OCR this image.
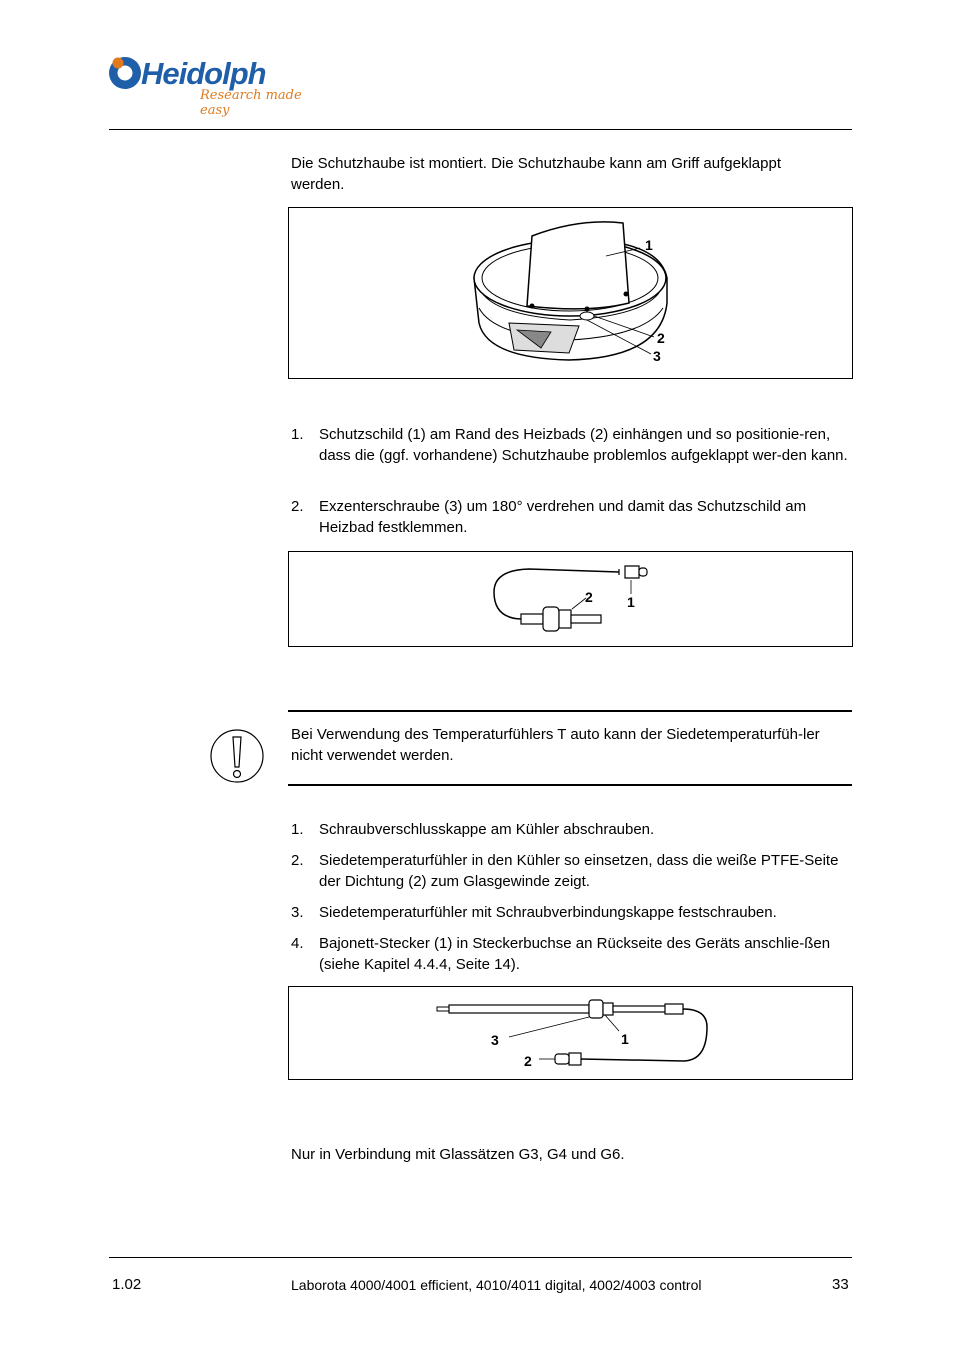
Heidolph
Research made easy
Die Schutzhaube ist montiert. Die Schutzhaube kann am Griff aufgeklappt werden.
1
2
3
1.	Schutzschild (1) am Rand des Heizbads (2) einhängen und so positionie-ren, dass die (ggf. vorhandene) Schutzhaube problemlos aufgeklappt wer-den kann.
2.	Exzenterschraube (3) um 180° verdrehen und damit das Schutzschild am Heizbad festklemmen.
2 1
Bei Verwendung des Temperaturfühlers T auto kann der Siedetemperaturfüh-ler nicht verwendet werden.
1.	Schraubverschlusskappe am Kühler abschrauben.
2.	Siedetemperaturfühler in den Kühler so einsetzen, dass die weiße PTFE-Seite der Dichtung (2) zum Glasgewinde zeigt.
3.	Siedetemperaturfühler mit Schraubverbindungskappe festschrauben.
4.	Bajonett-Stecker (1) in Steckerbuchse an Rückseite des Geräts anschlie-ßen (siehe Kapitel 4.4.4, Seite 14).
3	1
2
Nur in Verbindung mit Glassätzen G3, G4 und G6.
1.02	Laborota 4000/4001 efficient, 4010/4011 digital, 4002/4003 control	33
